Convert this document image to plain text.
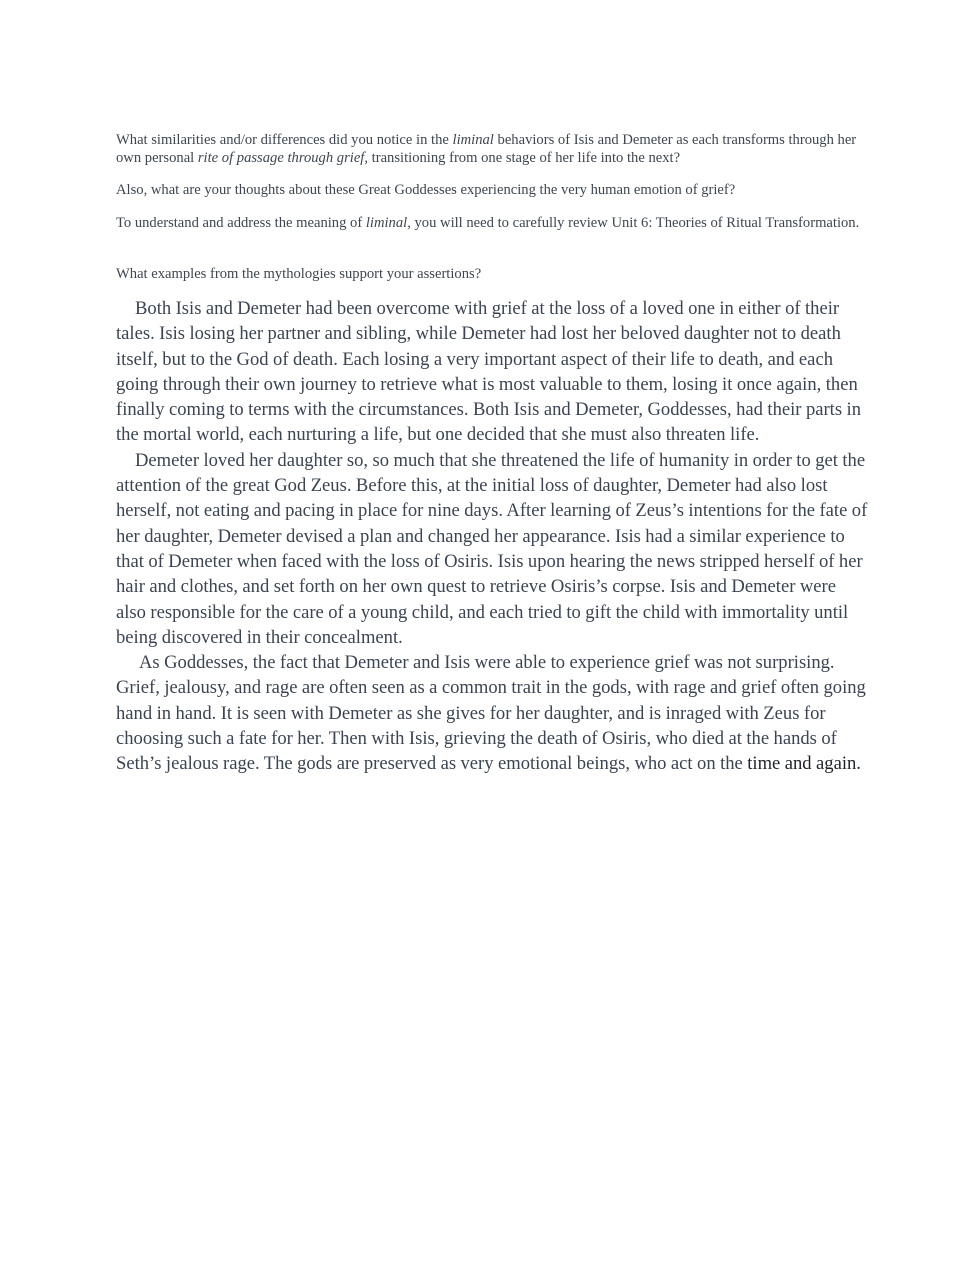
What similarities and/or differences did you notice in the liminal behaviors of Isis and Demeter as each transforms through her own personal rite of passage through grief, transitioning from one stage of her life into the next?

Also, what are your thoughts about these Great Goddesses experiencing the very human emotion of grief?

To understand and address the meaning of liminal, you will need to carefully review Unit 6: Theories of Ritual Transformation.

What examples from the mythologies support your assertions?

Both Isis and Demeter had been overcome with grief at the loss of a loved one in either of their tales. Isis losing her partner and sibling, while Demeter had lost her beloved daughter not to death itself, but to the God of death. Each losing a very important aspect of their life to death, and each going through their own journey to retrieve what is most valuable to them, losing it once again, then finally coming to terms with the circumstances. Both Isis and Demeter, Goddesses, had their parts in the mortal world, each nurturing a life, but one decided that she must also threaten life.

Demeter loved her daughter so, so much that she threatened the life of humanity in order to get the attention of the great God Zeus. Before this, at the initial loss of daughter, Demeter had also lost herself, not eating and pacing in place for nine days. After learning of Zeus’s intentions for the fate of her daughter, Demeter devised a plan and changed her appearance. Isis had a similar experience to that of Demeter when faced with the loss of Osiris. Isis upon hearing the news stripped herself of her hair and clothes, and set forth on her own quest to retrieve Osiris’s corpse. Isis and Demeter were also responsible for the care of a young child, and each tried to gift the child with immortality until being discovered in their concealment.

As Goddesses, the fact that Demeter and Isis were able to experience grief was not surprising. Grief, jealousy, and rage are often seen as a common trait in the gods, with rage and grief often going hand in hand. It is seen with Demeter as she gives for her daughter, and is inraged with Zeus for choosing such a fate for her. Then with Isis, grieving the death of Osiris, who died at the hands of Seth’s jealous rage. The gods are preserved as very emotional beings, who act on the time and again.
